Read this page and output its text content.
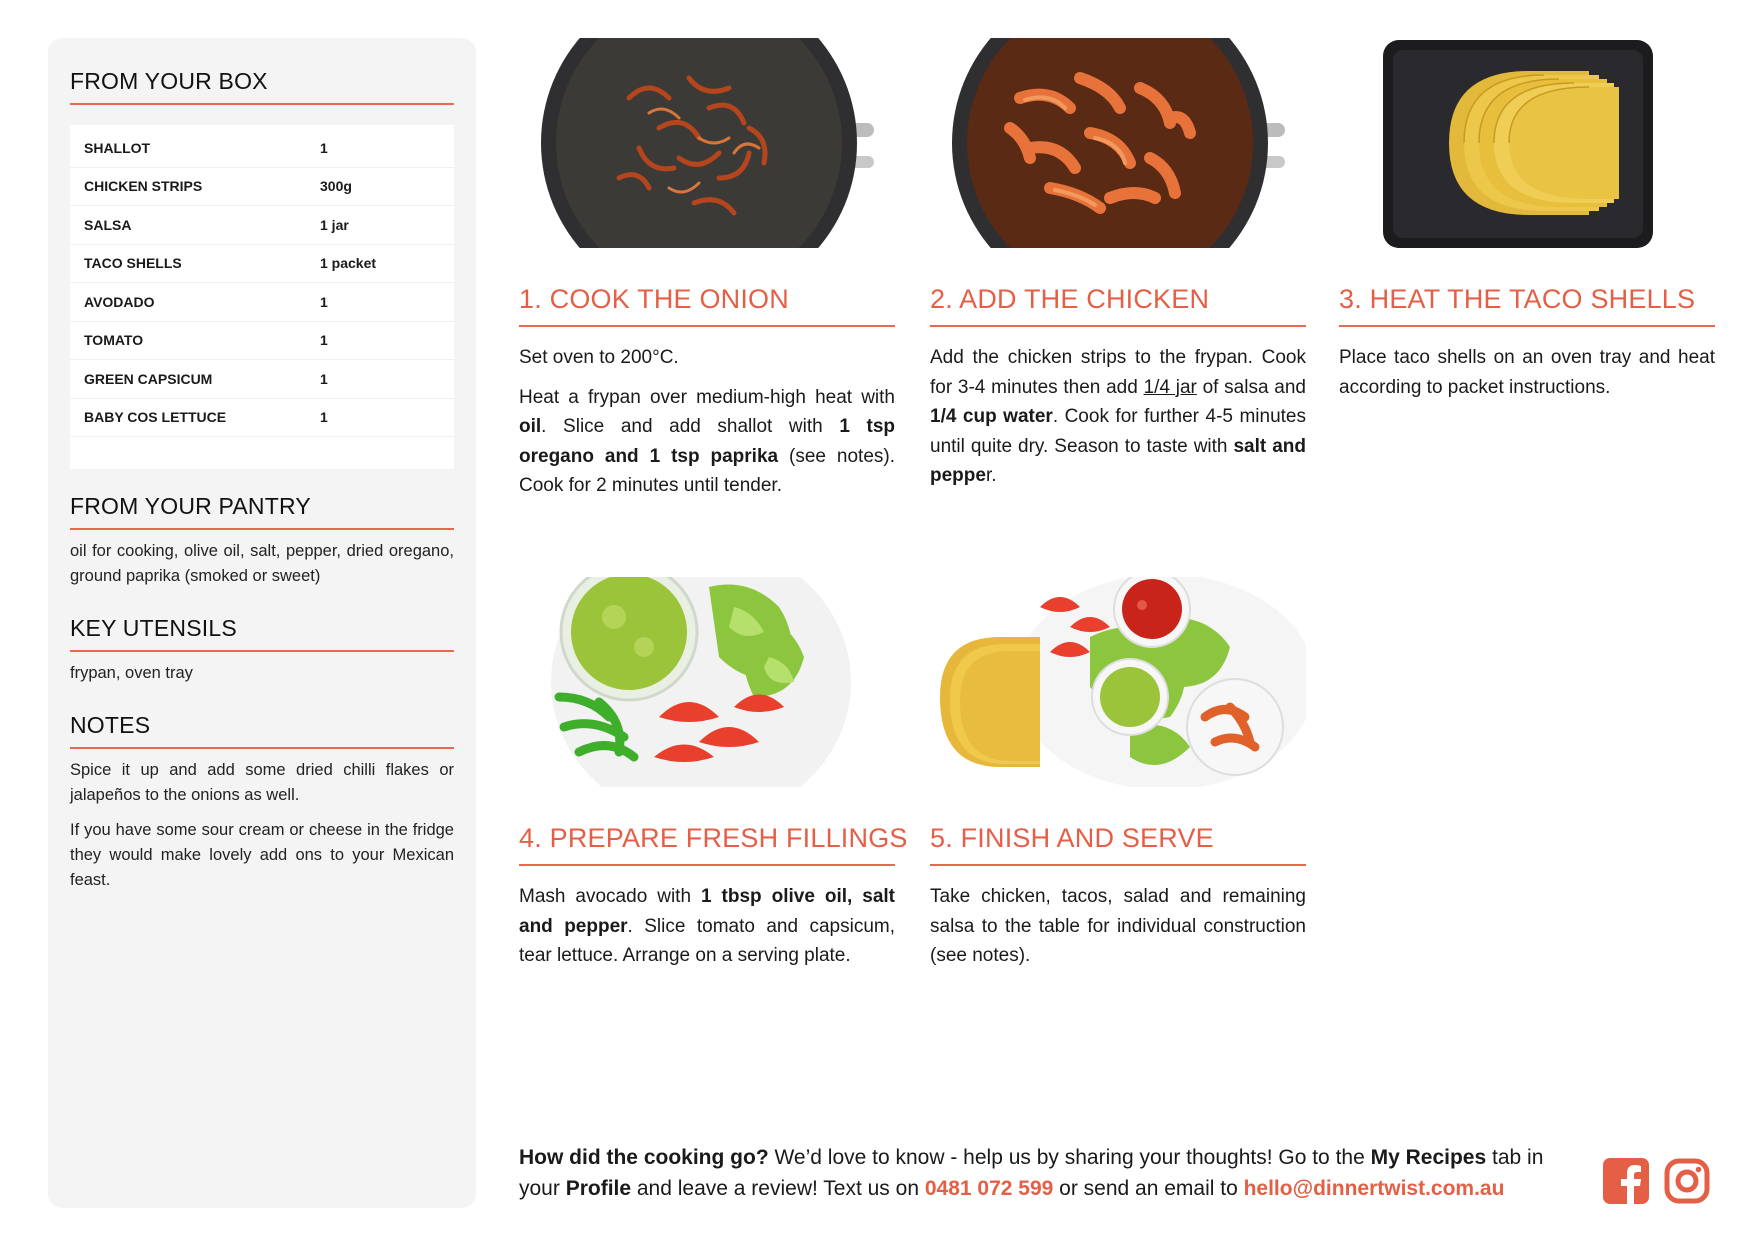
FROM YOUR BOX
SHALLOT	1
CHICKEN STRIPS	300g
SALSA	1 jar
TACO SHELLS	1 packet
AVODADO	1
TOMATO	1
GREEN CAPSICUM	1
BABY COS LETTUCE	1
FROM YOUR PANTRY

oil for cooking, olive oil, salt, pepper, dried oregano, ground paprika (smoked or sweet)

KEY UTENSILS

frypan, oven tray

NOTES

Spice it up and add some dried chilli flakes or jalapeños to the onions as well.

If you have some sour cream or cheese in the fridge they would make lovely add ons to your Mexican feast.

1. COOK THE ONION

Set oven to 200°C.

Heat a frypan over medium-high heat with oil. Slice and add shallot with 1 tsp oregano and 1 tsp paprika (see notes). Cook for 2 minutes until tender.

2. ADD THE CHICKEN

Add the chicken strips to the frypan. Cook for 3-4 minutes then add 1/4 jar of salsa and 1/4 cup water. Cook for further 4-5 minutes until quite dry. Season to taste with salt and pepper.

3. HEAT THE TACO SHELLS

Place taco shells on an oven tray and heat according to packet instructions.

4. PREPARE FRESH FILLINGS

Mash avocado with 1 tbsp olive oil, salt and pepper. Slice tomato and capsicum, tear lettuce. Arrange on a serving plate.

5. FINISH AND SERVE

Take chicken, tacos, salad and remaining salsa to the table for individual construction (see notes).

How did the cooking go? We’d love to know - help us by sharing your thoughts! Go to the My Recipes tab in your Profile and leave a review! Text us on 0481 072 599 or send an email to hello@dinnertwist.com.au
